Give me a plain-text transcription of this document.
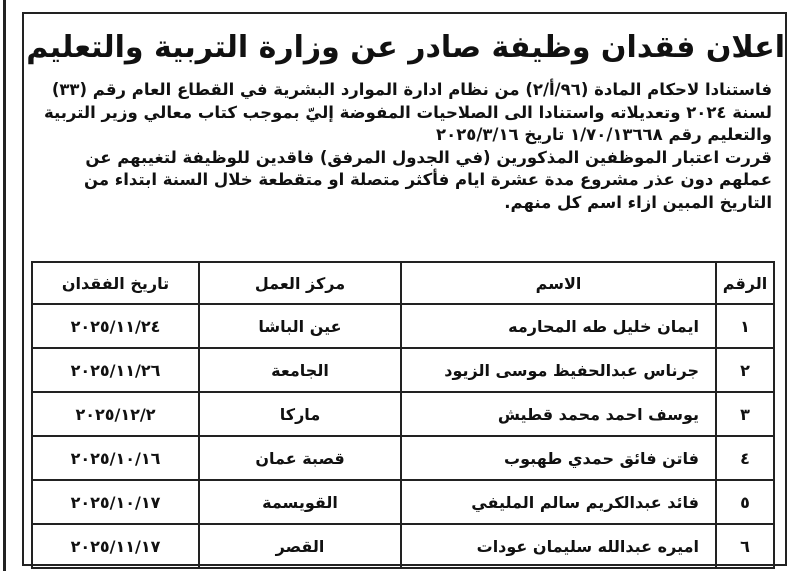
اعلان فقدان وظيفة صادر عن وزارة التربية والتعليم

فاستنادا لاحكام المادة (٩٦/أ/٢) من نظام ادارة الموارد البشرية في القطاع العام رقم (٣٣) لسنة ٢٠٢٤ وتعديلاته واستنادا الى الصلاحيات المفوضة إليّ بموجب كتاب معالي وزير التربية والتعليم رقم ١/٧٠/١٣٦٦٨ تاريخ ٢٠٢٥/٣/١٦

قررت اعتبار الموظفين المذكورين (في الجدول المرفق) فاقدين للوظيفة لتغيبهم عن عملهم دون عذر مشروع مدة عشرة ايام فأكثر متصلة او متقطعة خلال السنة ابتداء من التاريخ المبين ازاء اسم كل منهم.

الرقم	الاسم	مركز العمل	تاريخ الفقدان
١	ايمان خليل طه المحارمه	عين الباشا	٢٠٢٥/١١/٢٤
٢	جرناس عبدالحفيظ موسى الزيود	الجامعة	٢٠٢٥/١١/٢٦
٣	يوسف احمد محمد قطيش	ماركا	٢٠٢٥/١٢/٢
٤	فاتن فائق حمدي طهبوب	قصبة عمان	٢٠٢٥/١٠/١٦
٥	فائد عبدالكريم سالم المليفي	القويسمة	٢٠٢٥/١٠/١٧
٦	اميره عبدالله سليمان عودات	القصر	٢٠٢٥/١١/١٧
